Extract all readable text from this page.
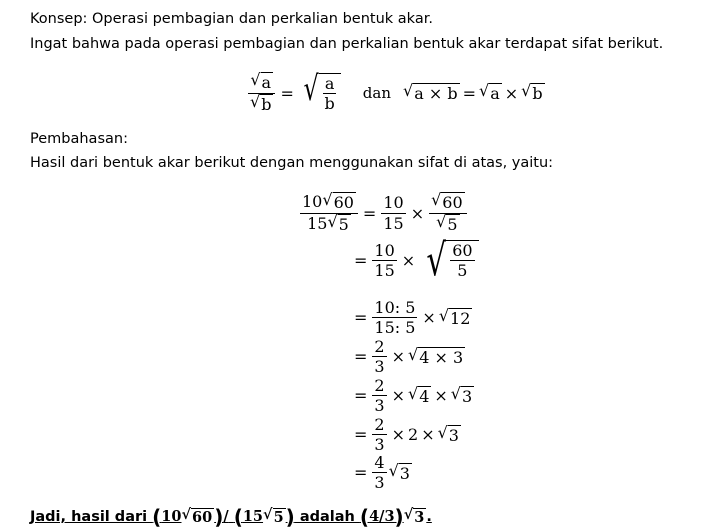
Konsep: Operasi pembagian dan perkalian bentuk akar.
Ingat bahwa pada operasi pembagian dan perkalian bentuk akar terdapat sifat berikut.
$\frac{√ a}{√ b}$ = √ $\frac{a}{b}$ dan √ a × b = √ a × √ b
Pembahasan:
Hasil dari bentuk akar berikut dengan menggunakan sifat di atas, yaitu:
$\frac{10 √ 60}{15 √ 5} = \frac{10}{15} \times \frac{√ 60}{√ 5}$
= $\frac{10}{15}$ × √ $\frac{60}{5}$
= $\frac{10: 5}{15: 5}$ × √ 12
= $\frac{2}{3}$ × √ 4 × 3
= $\frac{2}{3}$ × √ 4 × √ 3
= $\frac{2}{3} \times 2$ × √ 3
= $\frac{4}{3}$ √ 3
Jadi, hasil dari (10 √ 60 )/ (15 √ 5 ) adalah (4/3) √ 3 .
